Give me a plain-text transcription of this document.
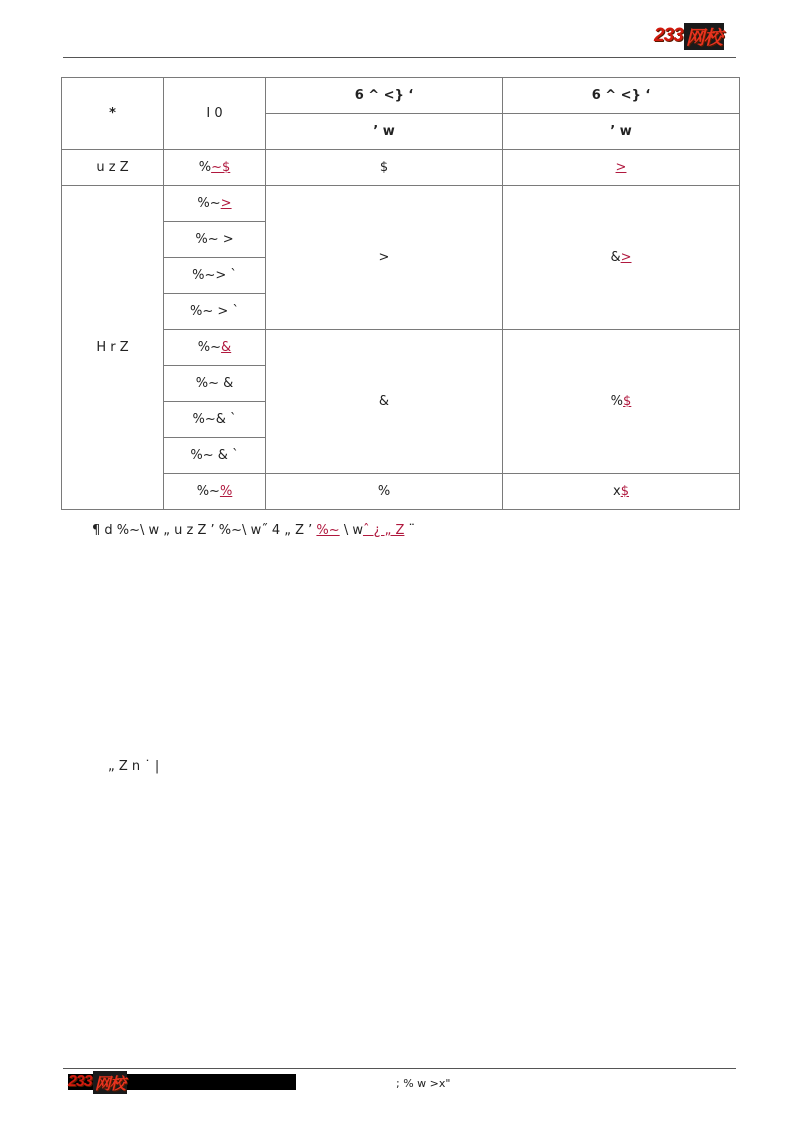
233 网校
*	I 0	6 ^ <} ‘	6 ^ <} ‘
		’ w	’ w
u z Z	%~$	$	>
H r Z	%~>	>	&>
	%~ >		
	%~> `		
	%~ > `		
	%~&	&	%$
	%~ &		
	%~& `		
	%~ & `		
	%~%	%	x$
¶ d %~\ w „ u z Z ’ %~\ w˝ 4 „ Z ’ %~ \ wˆ ¿ „ Z ¨
„ Z n ˙ |
233 网校	; % w >x"
